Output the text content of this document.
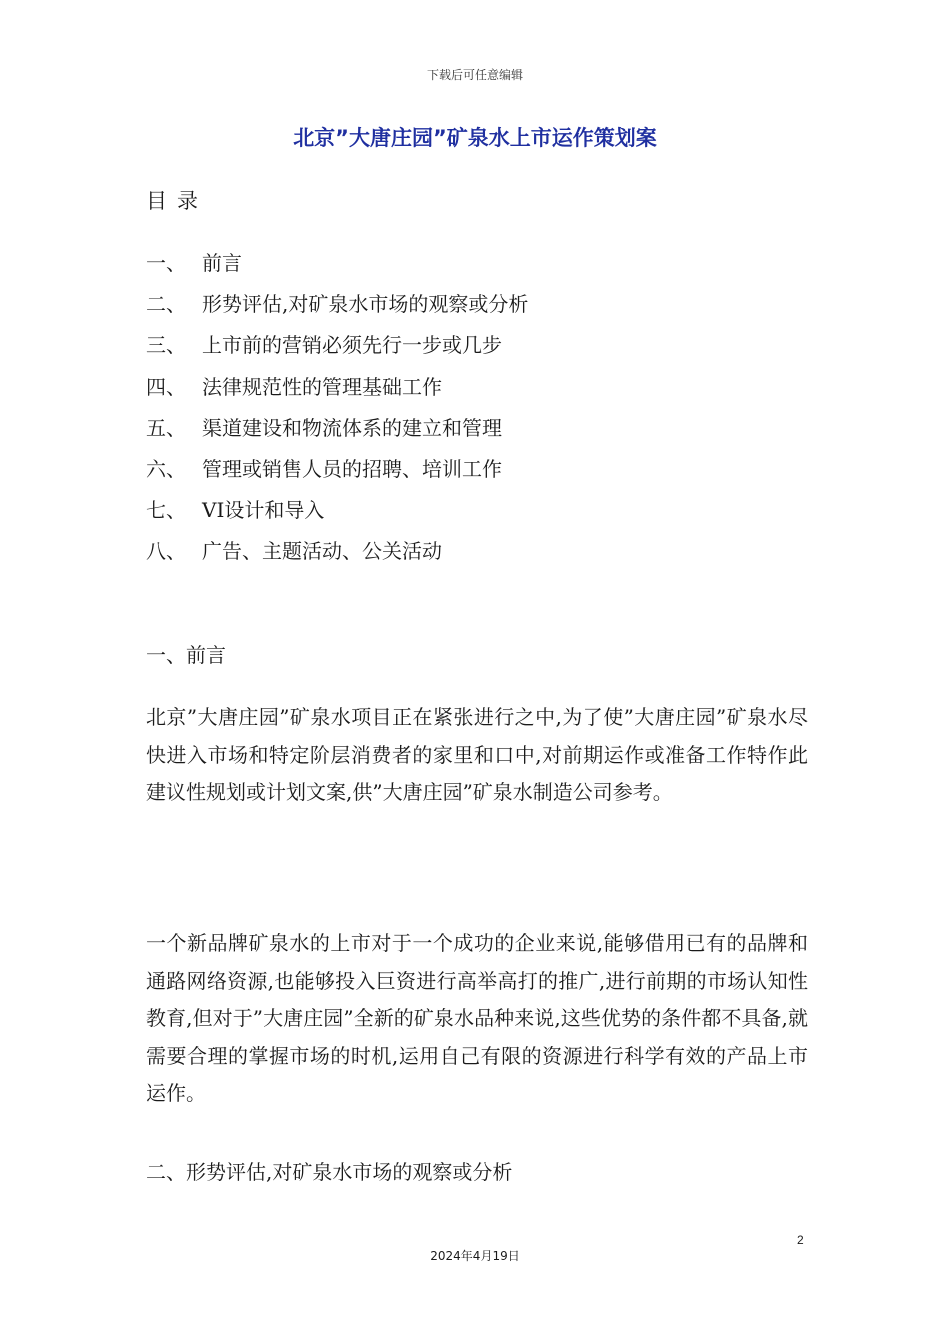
下载后可任意编辑
北京”大唐庄园”矿泉水上市运作策划案
目录
一、 前言
二、 形势评估,对矿泉水市场的观察或分析
三、 上市前的营销必须先行一步或几步
四、 法律规范性的管理基础工作
五、 渠道建设和物流体系的建立和管理
六、 管理或销售人员的招聘、培训工作
七、 VI设计和导入
八、 广告、主题活动、公关活动
一、前言

北京”大唐庄园”矿泉水项目正在紧张进行之中,为了使”大唐庄园”矿泉水尽快进入市场和特定阶层消费者的家里和口中,对前期运作或准备工作特作此建议性规划或计划文案,供”大唐庄园”矿泉水制造公司参考。

一个新品牌矿泉水的上市对于一个成功的企业来说,能够借用已有的品牌和通路网络资源,也能够投入巨资进行高举高打的推广,进行前期的市场认知性教育,但对于”大唐庄园”全新的矿泉水品种来说,这些优势的条件都不具备,就需要合理的掌握市场的时机,运用自己有限的资源进行科学有效的产品上市运作。

二、形势评估,对矿泉水市场的观察或分析
2
2024年4月19日
